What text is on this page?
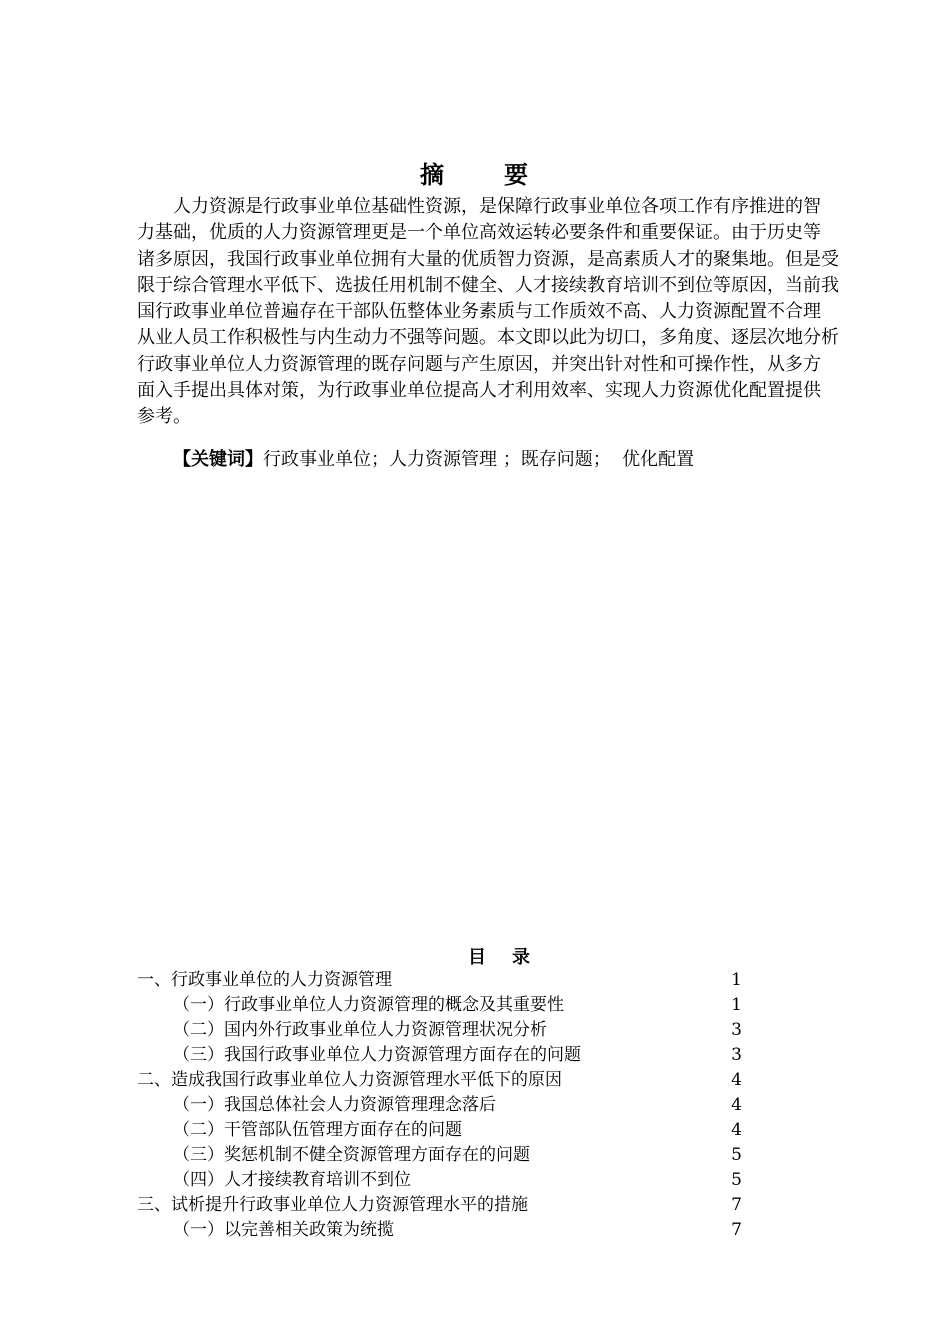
摘 要

　　人力资源是行政事业单位基础性资源，是保障行政事业单位各项工作有序推进的智
力基础，优质的人力资源管理更是一个单位高效运转必要条件和重要保证。由于历史等
诸多原因，我国行政事业单位拥有大量的优质智力资源，是高素质人才的聚集地。但是受
限于综合管理水平低下、选拔任用机制不健全、人才接续教育培训不到位等原因，当前我
国行政事业单位普遍存在干部队伍整体业务素质与工作质效不高、人力资源配置不合理
从业人员工作积极性与内生动力不强等问题。本文即以此为切口，多角度、逐层次地分析
行政事业单位人力资源管理的既存问题与产生原因，并突出针对性和可操作性，从多方
面入手提出具体对策，为行政事业单位提高人才利用效率、实现人力资源优化配置提供
参考。

【关键词】行政事业单位；人力资源管理 ；既存问题；  优化配置
目 录
一、行政事业单位的人力资源管理	1
（一）行政事业单位人力资源管理的概念及其重要性	1
（二）国内外行政事业单位人力资源管理状况分析	3
（三）我国行政事业单位人力资源管理方面存在的问题	3
二、造成我国行政事业单位人力资源管理水平低下的原因	4
（一）我国总体社会人力资源管理理念落后	4
（二）干管部队伍管理方面存在的问题	4
（三）奖惩机制不健全资源管理方面存在的问题	5
（四）人才接续教育培训不到位	5
三、试析提升行政事业单位人力资源管理水平的措施	7
（一）以完善相关政策为统揽	7
